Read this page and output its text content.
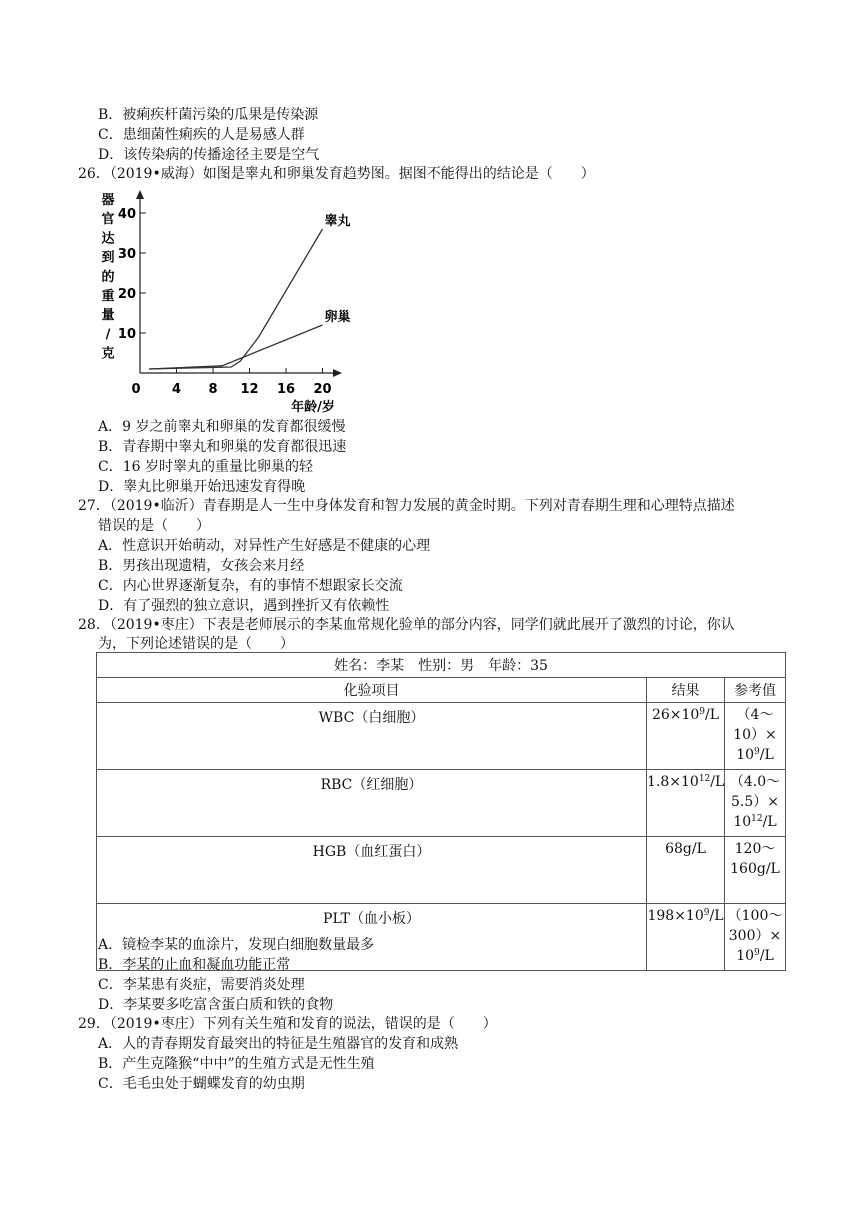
B．被痢疾杆菌污染的瓜果是传染源
C．患细菌性痢疾的人是易感人群
D．该传染病的传播途径主要是空气
26．（2019•威海）如图是睾丸和卵巢发育趋势图。据图不能得出的结论是（　　）
器
官
达
到
的
重
量
/
克
0 4 8 12 16 20
10
20
30
40	睾丸
卵巢
年龄/岁
A．9 岁之前睾丸和卵巢的发育都很缓慢
B．青春期中睾丸和卵巢的发育都很迅速
C．16 岁时睾丸的重量比卵巢的轻
D．睾丸比卵巢开始迅速发育得晚
27．（2019•临沂）青春期是人一生中身体发育和智力发展的黄金时期。下列对青春期生理和心理特点描述
错误的是（　　）
A．性意识开始萌动，对异性产生好感是不健康的心理
B．男孩出现遗精，女孩会来月经
C．内心世界逐渐复杂，有的事情不想跟家长交流
D．有了强烈的独立意识，遇到挫折又有依赖性
28．（2019•枣庄）下表是老师展示的李某血常规化验单的部分内容，同学们就此展开了激烈的讨论，你认
为，下列论述错误的是（　　）
姓名：李某　性别：男　年龄：35		
化验项目	结果	参考值
WBC（白细胞）	$26\times 10^9/L$	（4～
10）×
$10^9/L$

RBC（红细胞）	$1.8\times 10^{12}/L$	（4.0～
5.5）×
$10^{12}/L$

HGB（血红蛋白）	68g/L	120～
160g/L

PLT（血小板）	$198\times 10^9/L$	（100～
300）×
$10^9/L$
A．镜检李某的血涂片，发现白细胞数量最多
B．李某的止血和凝血功能正常
C．李某患有炎症，需要消炎处理
D．李某要多吃富含蛋白质和铁的食物
29．（2019•枣庄）下列有关生殖和发育的说法，错误的是（　　）
A．人的青春期发育最突出的特征是生殖器官的发育和成熟
B．产生克隆猴“中中”的生殖方式是无性生殖
C．毛毛虫处于蝴蝶发育的幼虫期
